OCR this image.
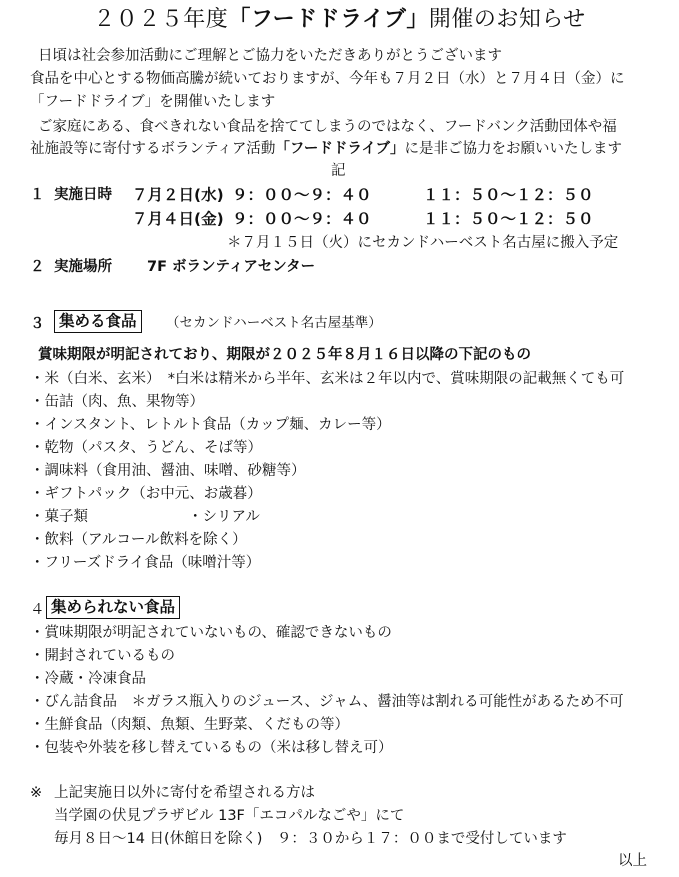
２０２５年度「フードドライブ」開催のお知らせ
日頃は社会参加活動にご理解とご協力をいただきありがとうございます
食品を中心とする物価高騰が続いておりますが、今年も７月２日（水）と７月４日（金）に
「フードドライブ」を開催いたします
ご家庭にある、食べきれない食品を捨ててしまうのではなく、フードバンク活動団体や福
祉施設等に寄付するボランティア活動「フードドライブ」に是非ご協力をお願いいたします
記
１ 実施日時 ７月２日(水) ９：００～９：４０	１１：５０～１２：５０
７月４日(金) ９：００～９：４０	１１：５０～１２：５０
＊７月１５日（火）にセカンドハーベスト名古屋に搬入予定
２ 実施場所 7F ボランティアセンター
３ 集める食品	（セカンドハーベスト名古屋基準）
賞味期限が明記されており、期限が２０２５年８月１６日以降の下記のもの
・米（白米、玄米）　*白米は精米から半年、玄米は２年以内で、賞味期限の記載無くても可
・缶詰（肉、魚、果物等）
・インスタント、レトルト食品（カップ麺、カレー等）
・乾物（パスタ、うどん、そば等）
・調味料（食用油、醤油、味噌、砂糖等）
・ギフトパック（お中元、お歳暮）
・菓子類	・シリアル
・飲料（アルコール飲料を除く）
・フリーズドライ食品（味噌汁等）
４ 集められない食品
・賞味期限が明記されていないもの、確認できないもの
・開封されているもの
・冷蔵・冷凍食品
・びん詰食品　＊ガラス瓶入りのジュース、ジャム、醤油等は割れる可能性があるため不可
・生鮮食品（肉類、魚類、生野菜、くだもの等）
・包装や外装を移し替えているもの（米は移し替え可）
※ 上記実施日以外に寄付を希望される方は
当学園の伏見プラザビル 13F「エコパルなごや」にて
毎月８日～14 日(休館日を除く)　９：３０から１７：００まで受付しています
以上
